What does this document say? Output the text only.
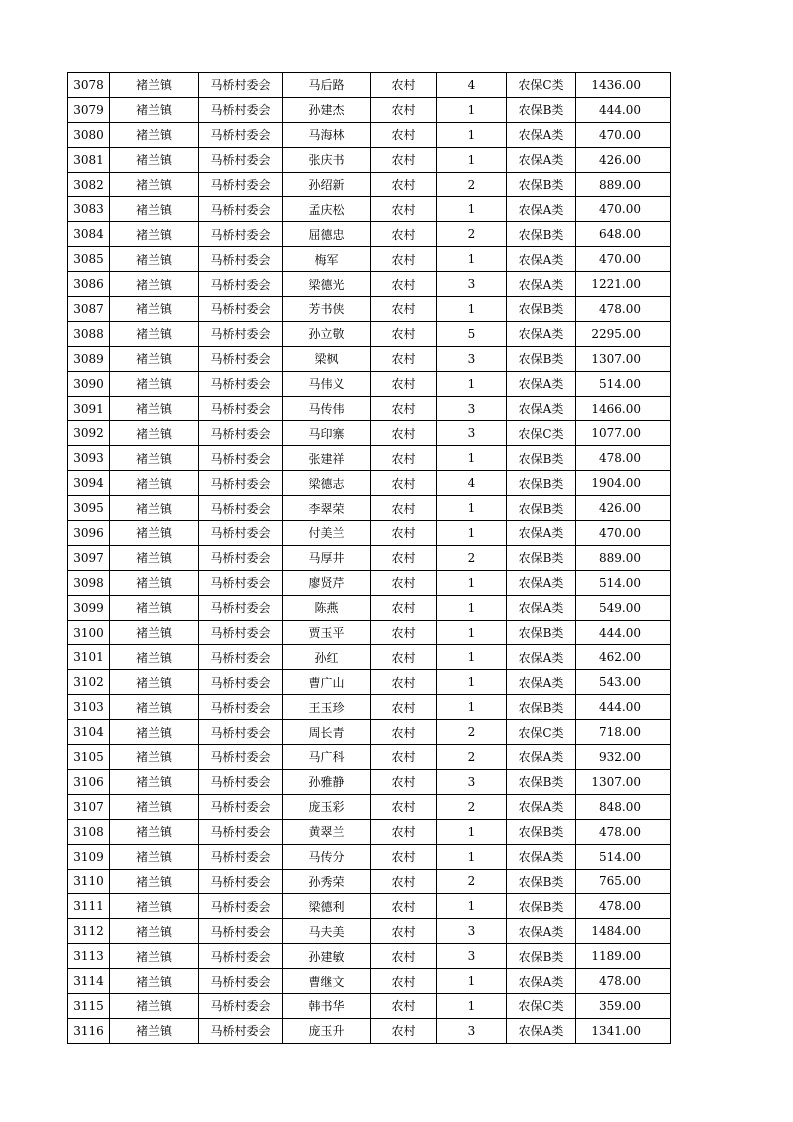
3078	褚兰镇	马桥村委会	马后路	农村	4	农保C类	1436.00
3079	褚兰镇	马桥村委会	孙建杰	农村	1	农保B类	444.00
3080	褚兰镇	马桥村委会	马海林	农村	1	农保A类	470.00
3081	褚兰镇	马桥村委会	张庆书	农村	1	农保A类	426.00
3082	褚兰镇	马桥村委会	孙绍新	农村	2	农保B类	889.00
3083	褚兰镇	马桥村委会	孟庆松	农村	1	农保A类	470.00
3084	褚兰镇	马桥村委会	屈德忠	农村	2	农保B类	648.00
3085	褚兰镇	马桥村委会	梅军	农村	1	农保A类	470.00
3086	褚兰镇	马桥村委会	梁德光	农村	3	农保A类	1221.00
3087	褚兰镇	马桥村委会	芳书侠	农村	1	农保B类	478.00
3088	褚兰镇	马桥村委会	孙立敬	农村	5	农保A类	2295.00
3089	褚兰镇	马桥村委会	梁枫	农村	3	农保B类	1307.00
3090	褚兰镇	马桥村委会	马伟义	农村	1	农保A类	514.00
3091	褚兰镇	马桥村委会	马传伟	农村	3	农保A类	1466.00
3092	褚兰镇	马桥村委会	马印寨	农村	3	农保C类	1077.00
3093	褚兰镇	马桥村委会	张建祥	农村	1	农保B类	478.00
3094	褚兰镇	马桥村委会	梁德志	农村	4	农保B类	1904.00
3095	褚兰镇	马桥村委会	李翠荣	农村	1	农保B类	426.00
3096	褚兰镇	马桥村委会	付美兰	农村	1	农保A类	470.00
3097	褚兰镇	马桥村委会	马厚井	农村	2	农保B类	889.00
3098	褚兰镇	马桥村委会	廖贤芹	农村	1	农保A类	514.00
3099	褚兰镇	马桥村委会	陈燕	农村	1	农保A类	549.00
3100	褚兰镇	马桥村委会	贾玉平	农村	1	农保B类	444.00
3101	褚兰镇	马桥村委会	孙红	农村	1	农保A类	462.00
3102	褚兰镇	马桥村委会	曹广山	农村	1	农保A类	543.00
3103	褚兰镇	马桥村委会	王玉珍	农村	1	农保B类	444.00
3104	褚兰镇	马桥村委会	周长青	农村	2	农保C类	718.00
3105	褚兰镇	马桥村委会	马广科	农村	2	农保A类	932.00
3106	褚兰镇	马桥村委会	孙雅静	农村	3	农保B类	1307.00
3107	褚兰镇	马桥村委会	庞玉彩	农村	2	农保A类	848.00
3108	褚兰镇	马桥村委会	黄翠兰	农村	1	农保B类	478.00
3109	褚兰镇	马桥村委会	马传分	农村	1	农保A类	514.00
3110	褚兰镇	马桥村委会	孙秀荣	农村	2	农保B类	765.00
3111	褚兰镇	马桥村委会	梁德利	农村	1	农保B类	478.00
3112	褚兰镇	马桥村委会	马夫美	农村	3	农保A类	1484.00
3113	褚兰镇	马桥村委会	孙建敏	农村	3	农保B类	1189.00
3114	褚兰镇	马桥村委会	曹继文	农村	1	农保A类	478.00
3115	褚兰镇	马桥村委会	韩书华	农村	1	农保C类	359.00
3116	褚兰镇	马桥村委会	庞玉升	农村	3	农保A类	1341.00
